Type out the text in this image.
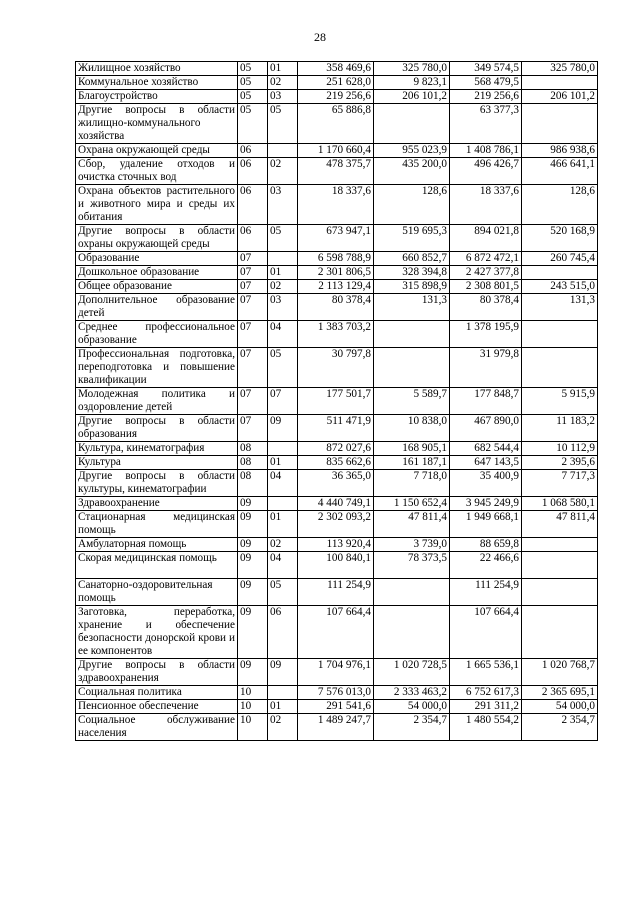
28
Жилищное хозяйство	05	01	358 469,6	325 780,0	349 574,5	325 780,0
Коммунальное хозяйство	05	02	251 628,0	9 823,1	568 479,5	
Благоустройство	05	03	219 256,6	206 101,2	219 256,6	206 101,2
Другие вопросы в области жилищно-коммунального хозяйства	05	05	65 886,8		63 377,3	
Охрана окружающей среды	06		1 170 660,4	955 023,9	1 408 786,1	986 938,6
Сбор, удаление отходов и очистка сточных вод	06	02	478 375,7	435 200,0	496 426,7	466 641,1
Охрана объектов растительного и животного мира и среды их обитания	06	03	18 337,6	128,6	18 337,6	128,6
Другие вопросы в области охраны окружающей среды	06	05	673 947,1	519 695,3	894 021,8	520 168,9
Образование	07		6 598 788,9	660 852,7	6 872 472,1	260 745,4
Дошкольное образование	07	01	2 301 806,5	328 394,8	2 427 377,8	
Общее образование	07	02	2 113 129,4	315 898,9	2 308 801,5	243 515,0
Дополнительное образование детей	07	03	80 378,4	131,3	80 378,4	131,3
Среднее профессиональное образование	07	04	1 383 703,2		1 378 195,9	
Профессиональная подготовка, переподготовка и повышение квалификации	07	05	30 797,8		31 979,8	
Молодежная политика и оздоровление детей	07	07	177 501,7	5 589,7	177 848,7	5 915,9
Другие вопросы в области образования	07	09	511 471,9	10 838,0	467 890,0	11 183,2
Культура, кинематография	08		872 027,6	168 905,1	682 544,4	10 112,9
Культура	08	01	835 662,6	161 187,1	647 143,5	2 395,6
Другие вопросы в области культуры, кинематографии	08	04	36 365,0	7 718,0	35 400,9	7 717,3
Здравоохранение	09		4 440 749,1	1 150 652,4	3 945 249,9	1 068 580,1
Стационарная медицинская помощь	09	01	2 302 093,2	47 811,4	1 949 668,1	47 811,4
Амбулаторная помощь	09	02	113 920,4	3 739,0	88 659,8	
Скорая медицинская помощь	09	04	100 840,1	78 373,5	22 466,6	
Санаторно-оздоровительная помощь	09	05	111 254,9		111 254,9	
Заготовка, переработка, хранение и обеспечение безопасности донорской крови и ее компонентов	09	06	107 664,4		107 664,4	
Другие вопросы в области здравоохранения	09	09	1 704 976,1	1 020 728,5	1 665 536,1	1 020 768,7
Социальная политика	10		7 576 013,0	2 333 463,2	6 752 617,3	2 365 695,1
Пенсионное обеспечение	10	01	291 541,6	54 000,0	291 311,2	54 000,0
Социальное обслуживание населения	10	02	1 489 247,7	2 354,7	1 480 554,2	2 354,7
